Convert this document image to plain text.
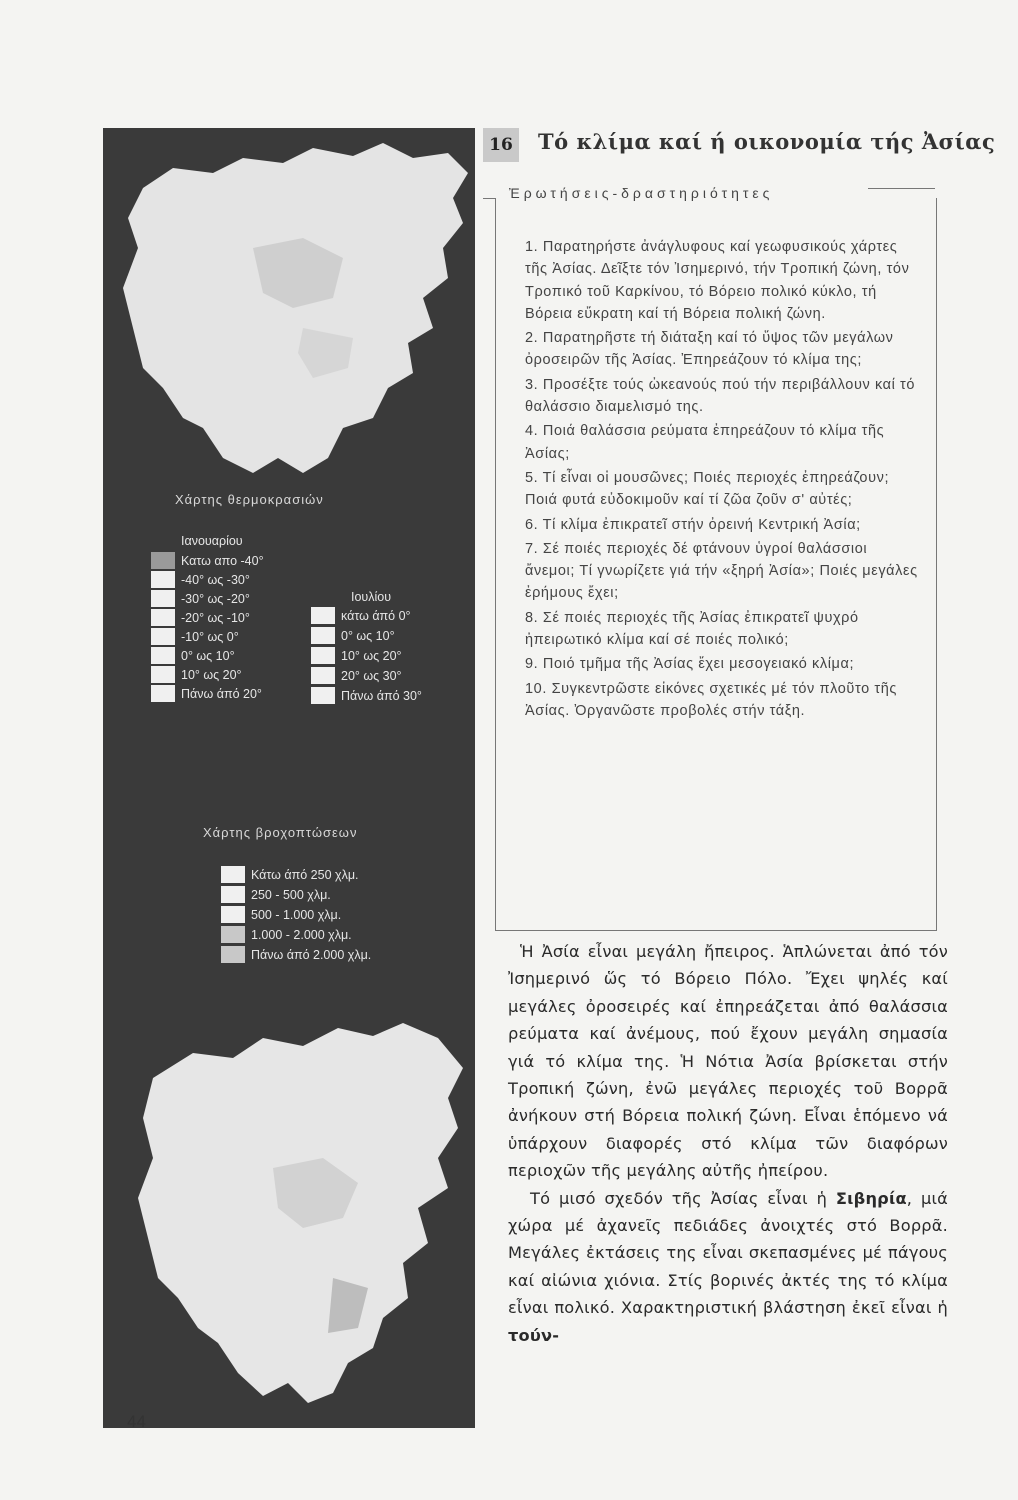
Χάρτης θερμοκρασιών
Ιανουαρίου
Κατω απο -40°
-40° ως -30°
-30° ως -20°
-20° ως -10°
-10° ως 0°
0° ως 10°
10° ως 20°
Πάνω άπό 20°
Ιουλίου
κάτω άπό 0°
0° ως 10°
10° ως 20°
20° ως 30°
Πάνω άπό 30°
Χάρτης βροχοπτώσεων
Κάτω άπό 250 χλμ.
250 - 500 χλμ.
500 - 1.000 χλμ.
1.000 - 2.000 χλμ.
Πάνω άπό 2.000 χλμ.
16 Τό κλίμα καί ή οικονομία τής Ἀσίας
Ἐρωτήσεις-δραστηριότητες
1. Παρατηρήστε ἀνάγλυφους καί γεωφυσικούς χάρτες τῆς Ἀσίας. Δεῖξτε τόν Ἰσημερινό, τήν Τροπική ζώνη, τόν Τροπικό τοῦ Καρκίνου, τό Βόρειο πολικό κύκλο, τή Βόρεια εὔκρατη καί τή Βόρεια πολική ζώνη.
2. Παρατηρῆστε τή διάταξη καί τό ὕψος τῶν μεγάλων ὀροσειρῶν τῆς Ἀσίας. Ἐπηρεάζουν τό κλίμα της;
3. Προσέξτε τούς ὠκεανούς πού τήν περιβάλλουν καί τό θαλάσσιο διαμελισμό της.
4. Ποιά θαλάσσια ρεύματα ἐπηρεάζουν τό κλίμα τῆς Ἀσίας;
5. Τί εἶναι οἱ μουσῶνες; Ποιές περιοχές ἐπηρεάζουν; Ποιά φυτά εὐδοκιμοῦν καί τί ζῶα ζοῦν σ' αὐτές;
6. Τί κλίμα ἐπικρατεῖ στήν ὀρεινή Κεντρική Ἀσία;
7. Σέ ποιές περιοχές δέ φτάνουν ὑγροί θαλάσσιοι ἄνεμοι; Τί γνωρίζετε γιά τήν «ξηρή Ἀσία»; Ποιές μεγάλες ἐρήμους ἔχει;
8. Σέ ποιές περιοχές τῆς Ἀσίας ἐπικρατεῖ ψυχρό ἠπειρωτικό κλίμα καί σέ ποιές πολικό;
9. Ποιό τμῆμα τῆς Ἀσίας ἔχει μεσογειακό κλίμα;
10. Συγκεντρῶστε εἰκόνες σχετικές μέ τόν πλοῦτο τῆς Ἀσίας. Ὀργανῶστε προβολές στήν τάξη.

Ἡ Ἀσία εἶναι μεγάλη ἤπειρος. Ἁπλώνεται ἀπό τόν Ἰσημερινό ὥς τό Βόρειο Πόλο. Ἔχει ψηλές καί μεγάλες ὀροσειρές καί ἐπηρεάζεται ἀπό θαλάσσια ρεύματα καί ἀνέμους, πού ἔχουν μεγάλη σημασία γιά τό κλίμα της. Ἡ Νότια Ἀσία βρίσκεται στήν Τροπική ζώνη, ἐνῶ μεγάλες περιοχές τοῦ Βορρᾶ ἀνήκουν στή Βόρεια πολική ζώνη. Εἶναι ἑπόμενο νά ὑπάρχουν διαφορές στό κλίμα τῶν διαφόρων περιοχῶν τῆς μεγάλης αὐτῆς ἠπείρου.

Τό μισό σχεδόν τῆς Ἀσίας εἶναι ἡ Σιβηρία, μιά χώρα μέ ἀχανεῖς πεδιάδες ἀνοιχτές στό Βορρᾶ. Μεγάλες ἐκτάσεις της εἶναι σκεπασμένες μέ πάγους καί αἰώνια χιόνια. Στίς βορινές ἀκτές της τό κλίμα εἶναι πολικό. Χαρακτηριστική βλάστηση ἐκεῖ εἶναι ἡ τούν-

44
